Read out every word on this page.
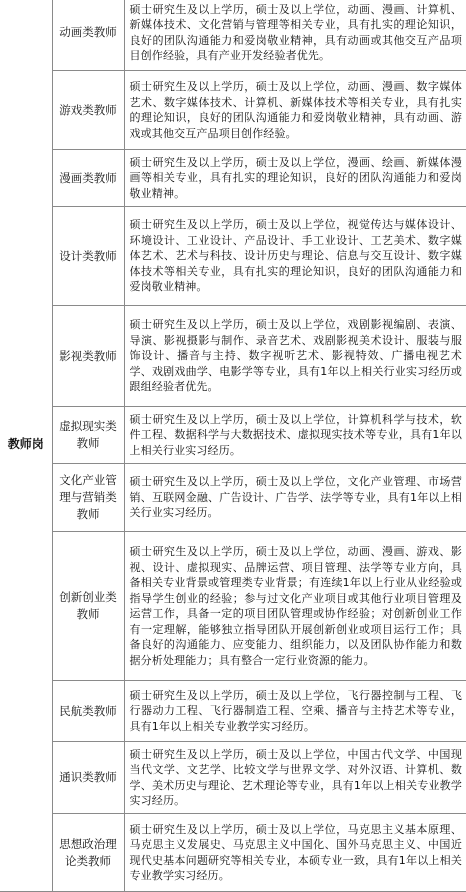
教师岗	动画类教师	硕士研究生及以上学历，硕士及以上学位，动画、漫画、计算机、新媒体技术、文化营销与管理等相关专业，具有扎实的理论知识，良好的团队沟通能力和爱岗敬业精神，具有动画或其他交互产品项目创作经验，具有产业开发经验者优先。
	游戏类教师	硕士研究生及以上学历，硕士及以上学位，动画、漫画、数字媒体艺术、数字媒体技术、计算机、新媒体技术等相关专业，具有扎实的理论知识，良好的团队沟通能力和爱岗敬业精神，具有动画、游戏或其他交互产品项目创作经验。
	漫画类教师	硕士研究生及以上学历，硕士及以上学位，漫画、绘画、新媒体漫画等相关专业，具有扎实的理论知识，良好的团队沟通能力和爱岗敬业精神。
	设计类教师	硕士研究生及以上学历，硕士及以上学位，视觉传达与媒体设计、环境设计、工业设计、产品设计、手工业设计、工艺美术、数字媒体艺术、艺术与科技、设计历史与理论、信息与交互设计、数字媒体技术等相关专业，具有扎实的理论知识，良好的团队沟通能力和爱岗敬业精神。
	影视类教师	硕士研究生及以上学历，硕士及以上学位，戏剧影视编剧、表演、导演、影视摄影与制作、录音艺术、戏剧影视美术设计、服装与服饰设计、播音与主持、数字视听艺术、影视特效、广播电视艺术学、戏剧戏曲学、电影学等专业，具有1年以上相关行业实习经历或跟组经验者优先。
	虚拟现实类教师	硕士研究生及以上学历，硕士及以上学位，计算机科学与技术，软件工程、数据科学与大数据技术、虚拟现实技术等专业，具有1年以上相关行业实习经历。
	文化产业管理与营销类教师	硕士研究生及以上学历，硕士及以上学位，文化产业管理、市场营销、互联网金融、广告设计、广告学、法学等专业，具有1年以上相关行业实习经历。
	创新创业类教师	硕士研究生及以上学历，硕士及以上学位，动画、漫画、游戏、影视、设计、虚拟现实、品牌运营、项目管理、法学等专业方向，具备相关专业背景或管理类专业背景；有连续1年以上行业从业经验或指导学生创业的经验；参与过文化产业项目或其他行业项目管理及运营工作，具备一定的项目团队管理或协作经验；对创新创业工作有一定理解，能够独立指导团队开展创新创业或项目运行工作；具备良好的沟通能力、应变能力、组织能力，以及团队协作能力和数据分析处理能力；具有整合一定行业资源的能力。
	民航类教师	硕士研究生及以上学历，硕士及以上学位，飞行器控制与工程、飞行器动力工程、飞行器制造工程、空乘、播音与主持艺术等专业，具有1年以上相关专业教学实习经历。
	通识类教师	硕士研究生及以上学历，硕士及以上学位，中国古代文学、中国现当代文学、文艺学、比较文学与世界文学、对外汉语、计算机、数学、美术历史与理论、艺术理论等专业，具有1年以上相关专业教学实习经历。
	思想政治理论类教师	硕士研究生及以上学历，硕士及以上学位，马克思主义基本原理、马克思主义发展史、马克思主义中国化、国外马克思主义、中国近现代史基本问题研究等相关专业，本硕专业一致，具有1年以上相关专业教学实习经历。
